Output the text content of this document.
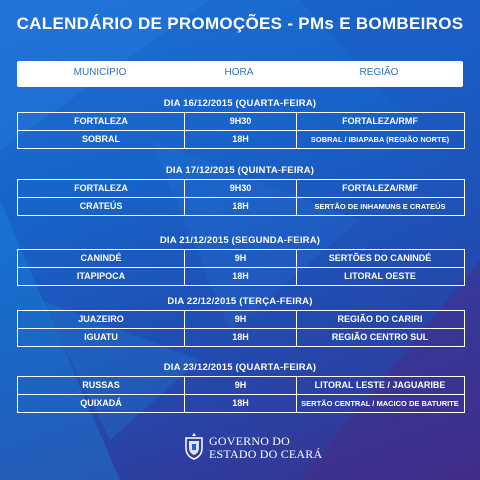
CALENDÁRIO DE PROMOÇÕES - PMs E BOMBEIROS
MUNICÍPIO	HORA	REGIÃO
DIA 16/12/2015 (QUARTA-FEIRA)
FORTALEZA	9H30	FORTALEZA/RMF
SOBRAL	18H	SOBRAL / IBIAPABA (REGIÃO NORTE)
DIA 17/12/2015 (QUINTA-FEIRA)
FORTALEZA	9H30	FORTALEZA/RMF
CRATEÚS	18H	SERTÃO DE INHAMUNS E CRATEÚS
DIA 21/12/2015 (SEGUNDA-FEIRA)
CANINDÉ	9H	SERTÕES DO CANINDÉ
ITAPIPOCA	18H	LITORAL OESTE
DIA 22/12/2015 (TERÇA-FEIRA)
JUAZEIRO	9H	REGIÃO DO CARIRI
IGUATU	18H	REGIÃO CENTRO SUL
DIA 23/12/2015 (QUARTA-FEIRA)
RUSSAS	9H	LITORAL LESTE / JAGUARIBE
QUIXADÁ	18H	SERTÃO CENTRAL / MACICO DE BATURITE
GOVERNO DO
ESTADO DO CEARÁ
